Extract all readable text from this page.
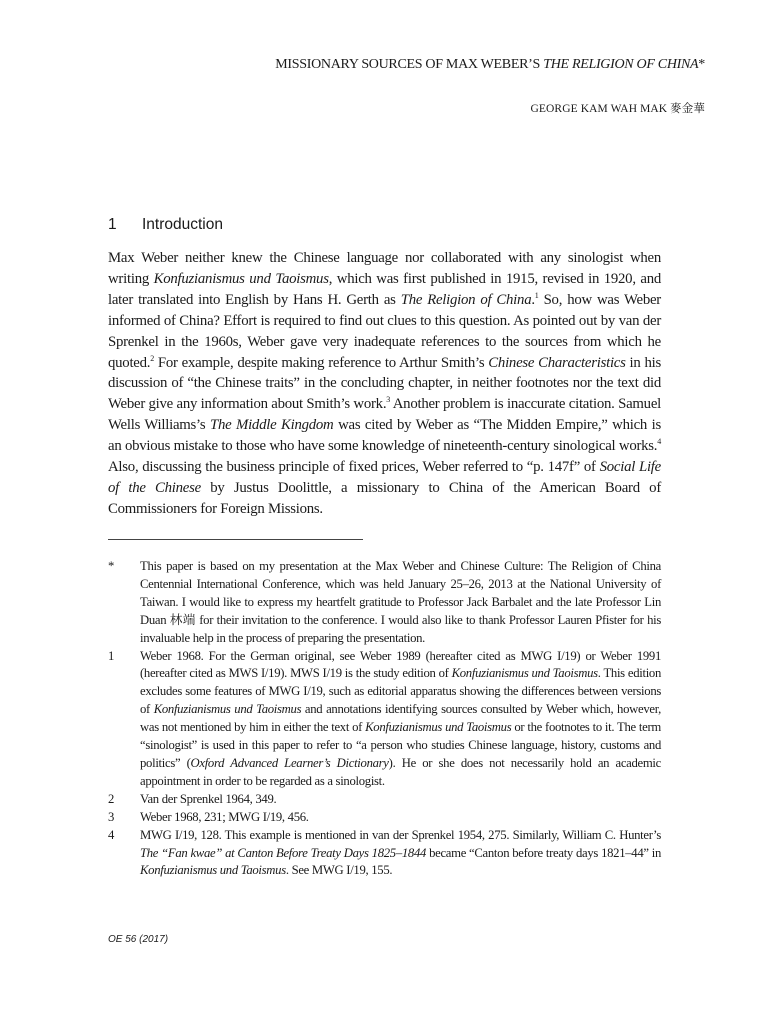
MISSIONARY SOURCES OF MAX WEBER’S THE RELIGION OF CHINA*
GEORGE KAM WAH MAK 麥金華
1 Introduction

Max Weber neither knew the Chinese language nor collaborated with any sinologist when writing Konfuzianismus und Taoismus, which was first published in 1915, revised in 1920, and later translated into English by Hans H. Gerth as The Religion of China.$^1$ So, how was Weber informed of China? Effort is required to find out clues to this question. As pointed out by van der Sprenkel in the 1960s, Weber gave very inadequate references to the sources from which he quoted.$^2$ For example, despite making reference to Arthur Smith’s Chinese Characteristics in his discussion of “the Chinese traits” in the concluding chapter, in neither footnotes nor the text did Weber give any information about Smith’s work.$^3$ Another problem is inaccurate citation. Samuel Wells Williams’s The Middle Kingdom was cited by Weber as “The Midden Empire,” which is an obvious mistake to those who have some knowledge of nineteenth-century sinological works.$^4$ Also, discussing the business principle of fixed prices, Weber referred to “p. 147f” of Social Life of the Chinese by Justus Doolittle, a missionary to China of the American Board of Commissioners for Foreign Missions.

* This paper is based on my presentation at the Max Weber and Chinese Culture: The Religion of China Centennial International Conference, which was held January 25–26, 2013 at the National University of Taiwan. I would like to express my heartfelt gratitude to Professor Jack Barbalet and the late Professor Lin Duan 林端 for their invitation to the conference. I would also like to thank Professor Lauren Pfister for his invaluable help in the process of preparing the presentation.
1 Weber 1968. For the German original, see Weber 1989 (hereafter cited as MWG I/19) or Weber 1991 (hereafter cited as MWS I/19). MWS I/19 is the study edition of Konfuzianismus und Taoismus. This edition excludes some features of MWG I/19, such as editorial apparatus showing the differences between versions of Konfuzianismus und Taoismus and annotations identifying sources consulted by Weber which, however, was not mentioned by him in either the text of Konfuzianismus und Taoismus or the footnotes to it. The term “sinologist” is used in this paper to refer to “a person who studies Chinese language, history, customs and politics” (Oxford Advanced Learner’s Dictionary). He or she does not necessarily hold an academic appointment in order to be regarded as a sinologist.
2 Van der Sprenkel 1964, 349.
3 Weber 1968, 231; MWG I/19, 456.
4 MWG I/19, 128. This example is mentioned in van der Sprenkel 1954, 275. Similarly, William C. Hunter’s The “Fan kwae” at Canton Before Treaty Days 1825–1844 became “Canton before treaty days 1821–44” in Konfuzianismus und Taoismus. See MWG I/19, 155.
OE 56 (2017)
